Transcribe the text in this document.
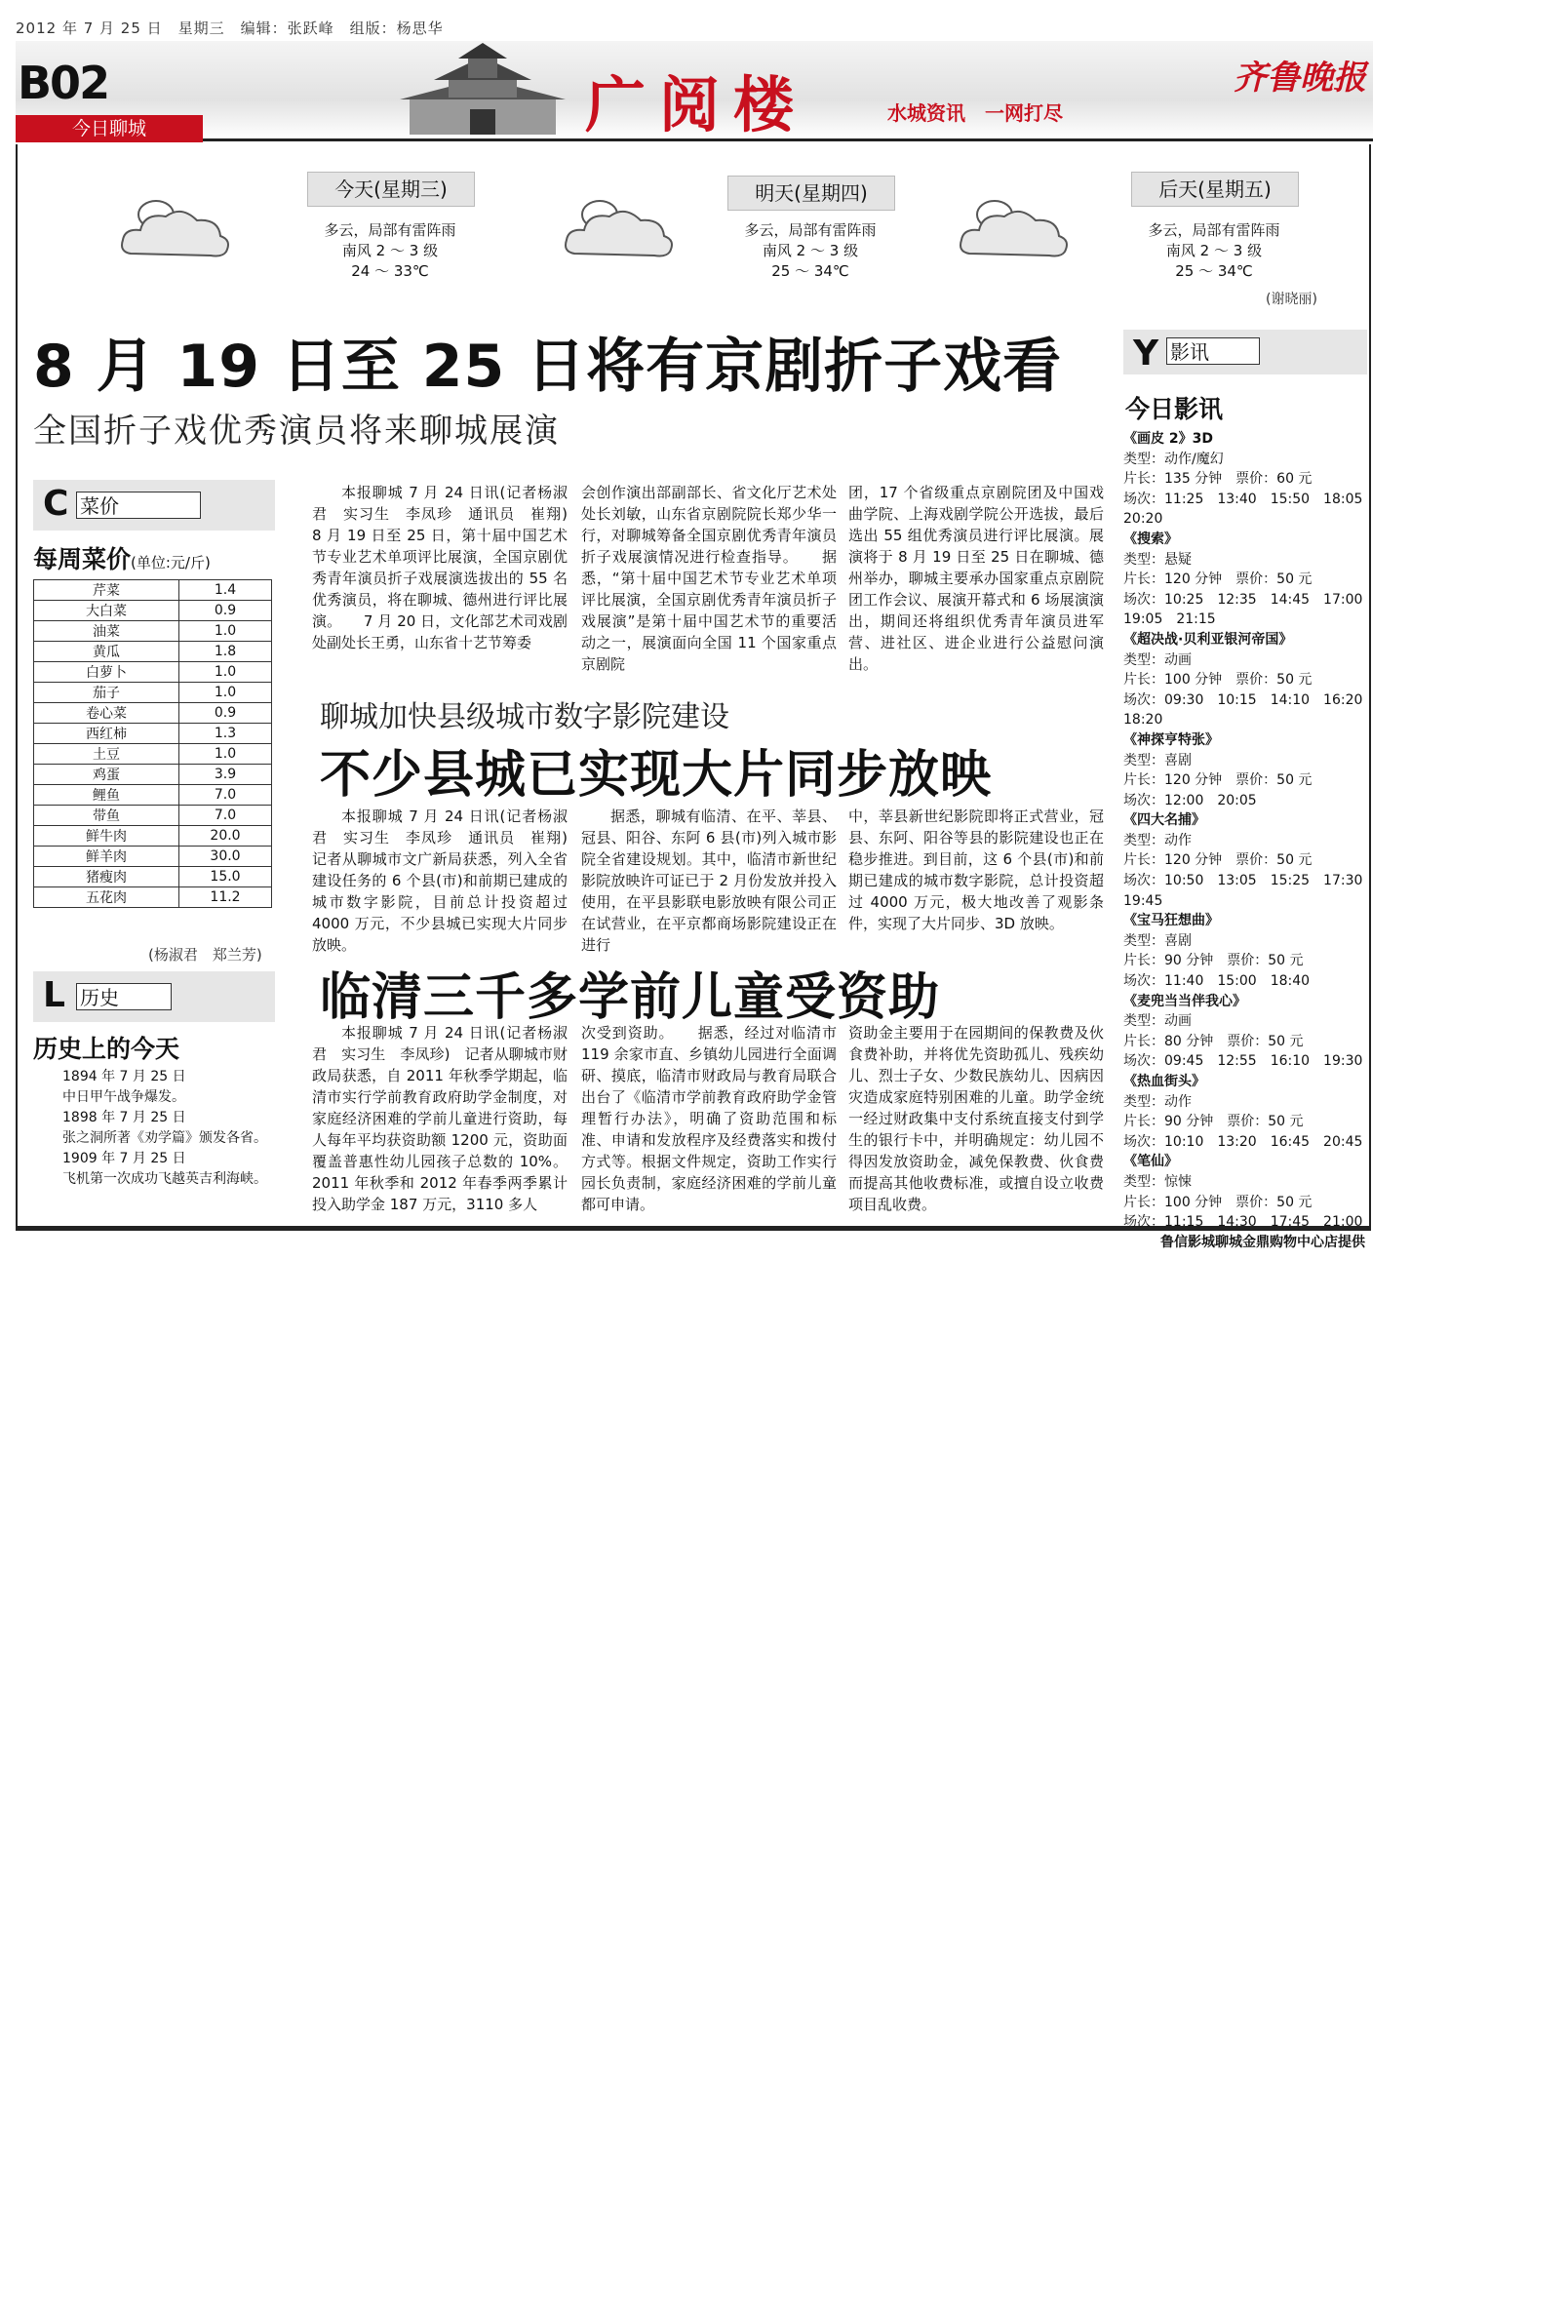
2012 年 7 月 25 日　星期三　编辑：张跃峰　组版：杨思华
B02
今日聊城	广阅楼	水城资讯　一网打尽
齐鲁晚报
今天(星期三)
多云，局部有雷阵雨
南风 2 ～ 3 级
24 ～ 33℃
明天(星期四)
多云，局部有雷阵雨
南风 2 ～ 3 级
25 ～ 34℃
后天(星期五)
多云，局部有雷阵雨
南风 2 ～ 3 级
25 ～ 34℃
(谢晓丽)
8 月 19 日至 25 日将有京剧折子戏看
全国折子戏优秀演员将来聊城展演
本报聊城 7 月 24 日讯(记者杨淑君　实习生　李凤珍　通讯员　崔翔)　8 月 19 日至 25 日，第十届中国艺术节专业艺术单项评比展演，全国京剧优秀青年演员折子戏展演选拔出的 55 名优秀演员，将在聊城、德州进行评比展演。　　7 月 20 日，文化部艺术司戏剧处副处长王勇，山东省十艺节筹委
会创作演出部副部长、省文化厅艺术处处长刘敏，山东省京剧院院长郑少华一行，对聊城筹备全国京剧优秀青年演员折子戏展演情况进行检查指导。　　据悉，“第十届中国艺术节专业艺术单项评比展演，全国京剧优秀青年演员折子戏展演”是第十届中国艺术节的重要活动之一，展演面向全国 11 个国家重点京剧院
团，17 个省级重点京剧院团及中国戏曲学院、上海戏剧学院公开选拔，最后选出 55 组优秀演员进行评比展演。展演将于 8 月 19 日至 25 日在聊城、德州举办，聊城主要承办国家重点京剧院团工作会议、展演开幕式和 6 场展演演出，期间还将组织优秀青年演员进军营、进社区、进企业进行公益慰问演出。
聊城加快县级城市数字影院建设
不少县城已实现大片同步放映
本报聊城 7 月 24 日讯(记者杨淑君　实习生　李凤珍　通讯员　崔翔)　记者从聊城市文广新局获悉，列入全省建设任务的 6 个县(市)和前期已建成的城市数字影院，目前总计投资超过 4000 万元，不少县城已实现大片同步放映。
据悉，聊城有临清、在平、莘县、冠县、阳谷、东阿 6 县(市)列入城市影院全省建设规划。其中，临清市新世纪影院放映许可证已于 2 月份发放并投入使用，在平县影联电影放映有限公司正在试营业，在平京都商场影院建设正在进行
中，莘县新世纪影院即将正式营业，冠县、东阿、阳谷等县的影院建设也正在稳步推进。到目前，这 6 个县(市)和前期已建成的城市数字影院，总计投资超过 4000 万元，极大地改善了观影条件，实现了大片同步、3D 放映。
临清三千多学前儿童受资助
本报聊城 7 月 24 日讯(记者杨淑君　实习生　李凤珍)　记者从聊城市财政局获悉，自 2011 年秋季学期起，临清市实行学前教育政府助学金制度，对家庭经济困难的学前儿童进行资助，每人每年平均获资助额 1200 元，资助面覆盖普惠性幼儿园孩子总数的 10%。2011 年秋季和 2012 年春季两季累计投入助学金 187 万元，3110 多人
次受到资助。　　据悉，经过对临清市 119 余家市直、乡镇幼儿园进行全面调研、摸底，临清市财政局与教育局联合出台了《临清市学前教育政府助学金管理暂行办法》，明确了资助范围和标准、申请和发放程序及经费落实和拨付方式等。根据文件规定，资助工作实行园长负责制，家庭经济困难的学前儿童都可申请。
资助金主要用于在园期间的保教费及伙食费补助，并将优先资助孤儿、残疾幼儿、烈士子女、少数民族幼儿、因病因灾造成家庭特别困难的儿童。助学金统一经过财政集中支付系统直接支付到学生的银行卡中，并明确规定：幼儿园不得因发放资助金，减免保教费、伙食费而提高其他收费标准，或擅自设立收费项目乱收费。
C 菜价
每周菜价(单位:元/斤)
芹菜	1.4
大白菜	0.9
油菜	1.0
黄瓜	1.8
白萝卜	1.0
茄子	1.0
卷心菜	0.9
西红柿	1.3
土豆	1.0
鸡蛋	3.9
鲤鱼	7.0
带鱼	7.0
鲜牛肉	20.0
鲜羊肉	30.0
猪瘦肉	15.0
五花肉	11.2
(杨淑君　郑兰芳)
L 历史
历史上的今天
1894 年 7 月 25 日
中日甲午战争爆发。
1898 年 7 月 25 日
张之洞所著《劝学篇》颁发各省。
1909 年 7 月 25 日
飞机第一次成功飞越英吉利海峡。
Y 影讯
今日影讯
《画皮 2》3D
类型：动作/魔幻
片长：135 分钟　票价：60 元
场次：11:25　13:40　15:50　18:05　20:20
《搜索》
类型：悬疑
片长：120 分钟　票价：50 元
场次：10:25　12:35　14:45　17:00　19:05　21:15
《超决战·贝利亚银河帝国》
类型：动画
片长：100 分钟　票价：50 元
场次：09:30　10:15　14:10　16:20　18:20
《神探亨特张》
类型：喜剧
片长：120 分钟　票价：50 元
场次：12:00　20:05
《四大名捕》
类型：动作
片长：120 分钟　票价：50 元
场次：10:50　13:05　15:25　17:30　19:45
《宝马狂想曲》
类型：喜剧
片长：90 分钟　票价：50 元
场次：11:40　15:00　18:40
《麦兜当当伴我心》
类型：动画
片长：80 分钟　票价：50 元
场次：09:45　12:55　16:10　19:30
《热血街头》
类型：动作
片长：90 分钟　票价：50 元
场次：10:10　13:20　16:45　20:45
《笔仙》
类型：惊悚
片长：100 分钟　票价：50 元
场次：11:15　14:30　17:45　21:00
鲁信影城聊城金鼎购物中心店提供
